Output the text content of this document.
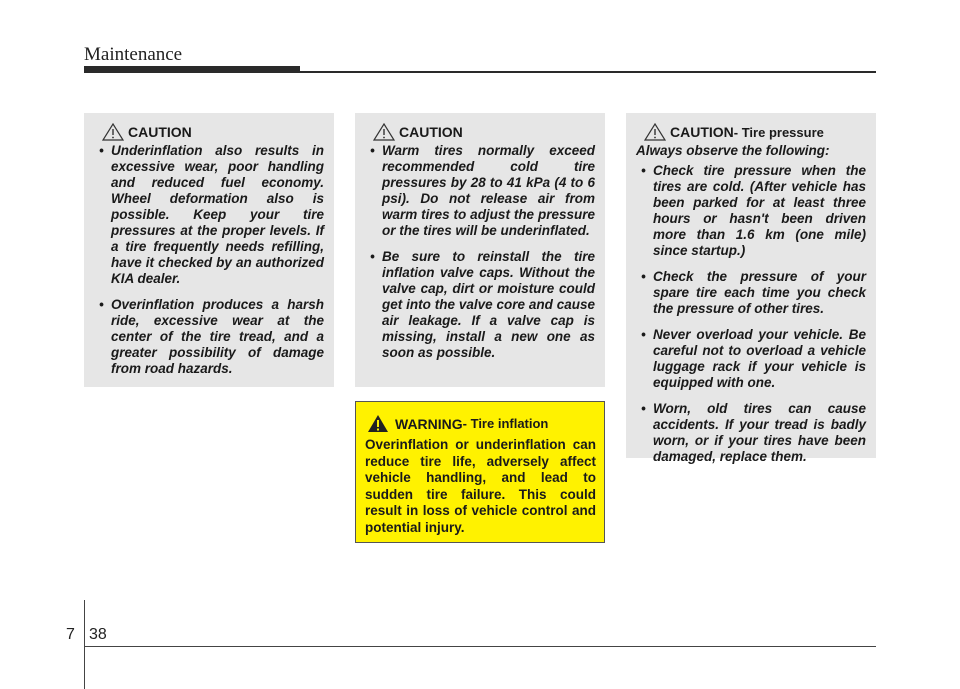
Maintenance
CAUTION
• Underinflation also results in excessive wear, poor handling and reduced fuel economy. Wheel deformation also is possible. Keep your tire pressures at the proper levels. If a tire frequently needs refilling, have it checked by an authorized KIA dealer.
• Overinflation produces a harsh ride, excessive wear at the center of the tire tread, and a greater possibility of damage from road hazards.
CAUTION
• Warm tires normally exceed recommended cold tire pressures by 28 to 41 kPa (4 to 6 psi). Do not release air from warm tires to adjust the pressure or the tires will be underinflated.
• Be sure to reinstall the tire inflation valve caps. Without the valve cap, dirt or moisture could get into the valve core and cause air leakage. If a valve cap is missing, install a new one as soon as possible.
WARNING - Tire inflation
Overinflation or underinflation can reduce tire life, adversely affect vehicle handling, and lead to sudden tire failure. This could result in loss of vehicle control and potential injury.
CAUTION - Tire pressure
Always observe the following:
• Check tire pressure when the tires are cold. (After vehicle has been parked for at least three hours or hasn't been driven more than 1.6 km (one mile) since startup.)
• Check the pressure of your spare tire each time you check the pressure of other tires.
• Never overload your vehicle. Be careful not to overload a vehicle luggage rack if your vehicle is equipped with one.
• Worn, old tires can cause accidents. If your tread is badly worn, or if your tires have been damaged, replace them.
7 38
